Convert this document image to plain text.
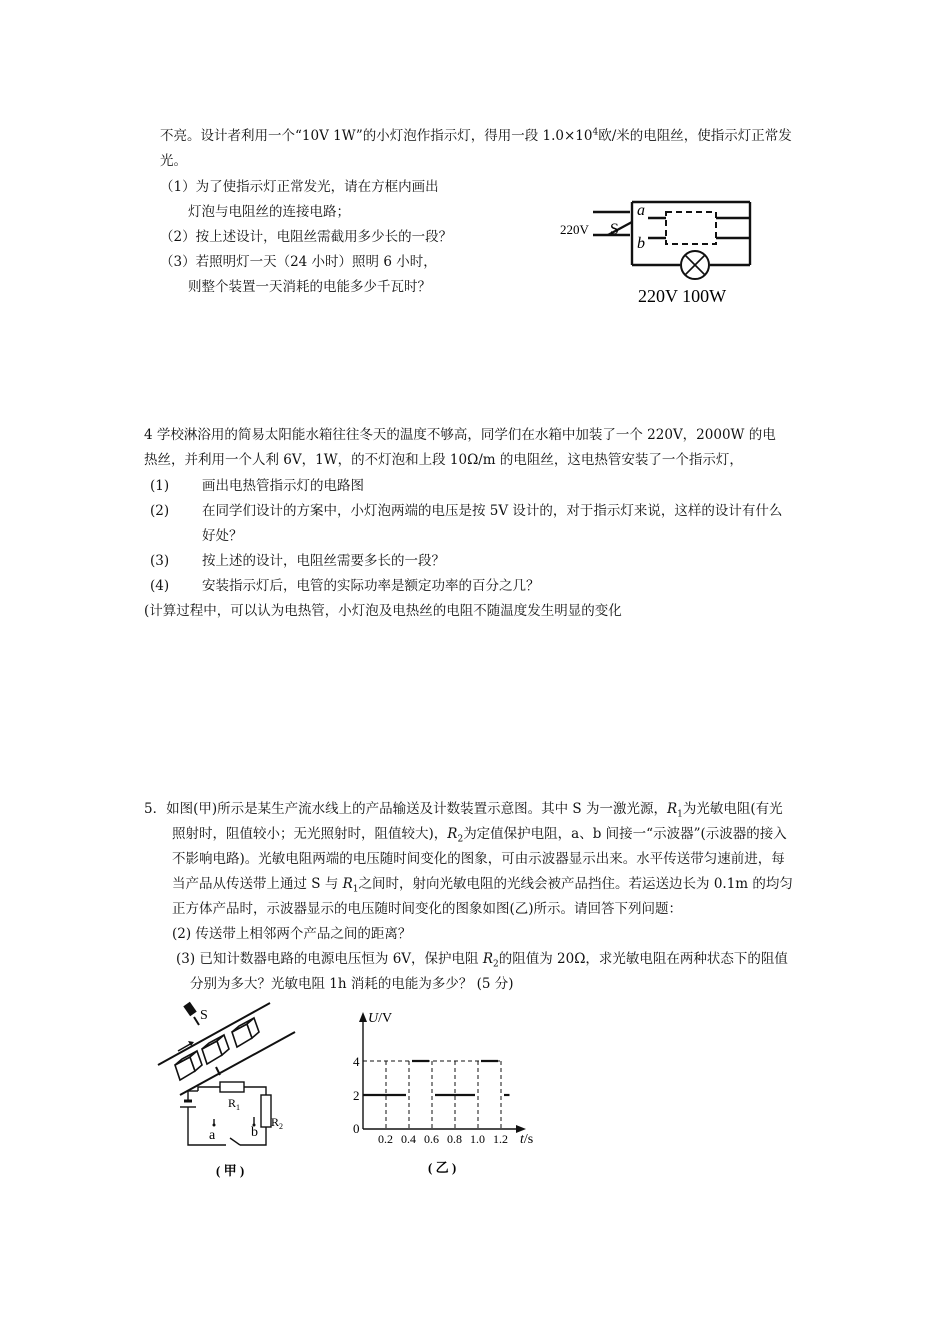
不亮。设计者利用一个“10V 1W”的小灯泡作指示灯，得用一段 $1.0\times 10^4$欧/米的电阻丝，使指示灯正常发
光。
（1）为了使指示灯正常发光，请在方框内画出
灯泡与电阻丝的连接电路；
（2）按上述设计，电阻丝需截用多少长的一段？
（3）若照明灯一天（24 小时）照明 6 小时，
则整个装置一天消耗的电能多少千瓦时？
220V S
a
b
220V 100W
4 学校淋浴用的简易太阳能水箱往往冬天的温度不够高，同学们在水箱中加装了一个 220V，2000W 的电
热丝，并利用一个人利 6V，1W，的不灯泡和上段 10Ω/m 的电阻丝，这电热管安装了一个指示灯，
(1) 画出电热管指示灯的电路图
(2) 在同学们设计的方案中，小灯泡两端的电压是按 5V 设计的，对于指示灯来说，这样的设计有什么
好处？
(3) 按上述的设计，电阻丝需要多长的一段？
(4) 安装指示灯后，电管的实际功率是额定功率的百分之几？
(计算过程中，可以认为电热管，小灯泡及电热丝的电阻不随温度发生明显的变化
5．如图(甲)所示是某生产流水线上的产品输送及计数装置示意图。其中 S 为一激光源，$R_1$为光敏电阻(有光
照射时，阻值较小；无光照射时，阻值较大)，$R_2$为定值保护电阻，a、b 间接一“示波器”(示波器的接入
不影响电路)。光敏电阻两端的电压随时间变化的图象，可由示波器显示出来。水平传送带匀速前进，每
当产品从传送带上通过 S 与 $R_1$之间时，射向光敏电阻的光线会被产品挡住。若运送边长为 0.1m 的均匀
正方体产品时，示波器显示的电压随时间变化的图象如图(乙)所示。请回答下列问题：
(2) 传送带上相邻两个产品之间的距离？
(3) 已知计数器电路的电源电压恒为 6V，保护电阻 $R_2$的阻值为 20Ω，求光敏电阻在两种状态下的阻值
分别为多大？光敏电阻 1h 消耗的电能为多少？ (5 分)
S
$R_1$
$R_2$
a	b
( 甲 )
U/V
t/s
0
2
4
0.2 0.4 0.6 0.8 1.0 1.2
( 乙 )
